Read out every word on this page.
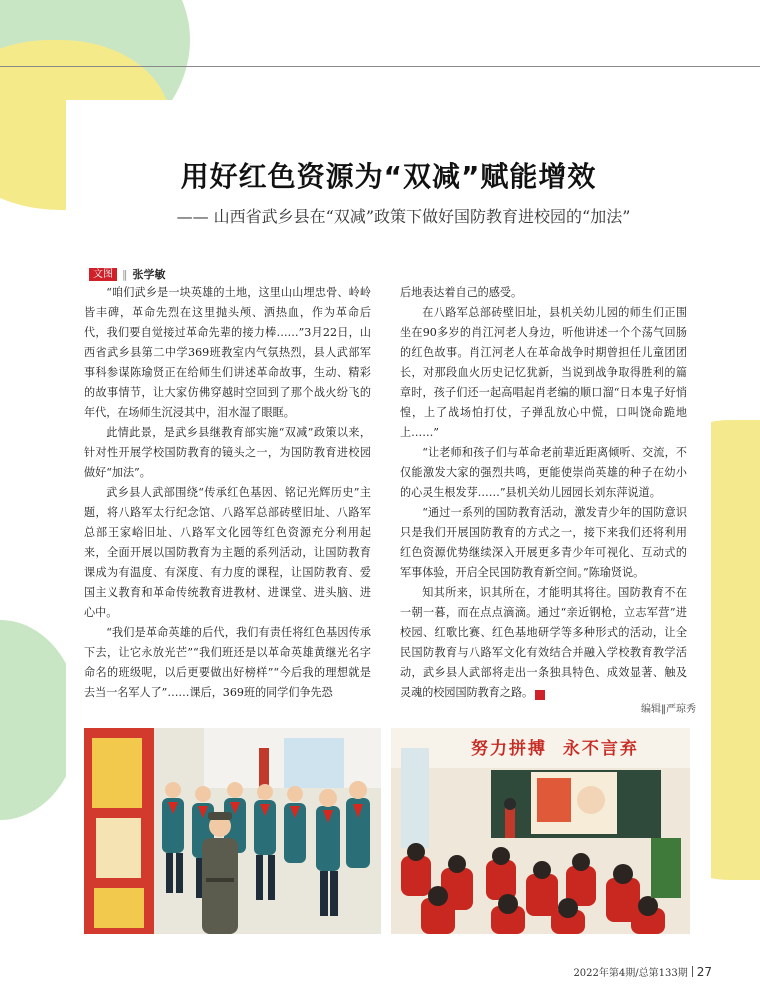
用好红色资源为“双减”赋能增效
—— 山西省武乡县在“双减”政策下做好国防教育进校园的“加法”
文图 ‖ 张学敏

“咱们武乡是一块英雄的土地，这里山山埋忠骨、岭岭皆丰碑，革命先烈在这里抛头颅、洒热血，作为革命后代，我们要自觉接过革命先辈的接力棒……”3月22日，山西省武乡县第二中学369班教室内气氛热烈，县人武部军事科参谋陈瑜贤正在给师生们讲述革命故事，生动、精彩的故事情节，让大家仿佛穿越时空回到了那个战火纷飞的年代，在场师生沉浸其中，泪水湿了眼眶。

此情此景，是武乡县继教育部实施“双减”政策以来，针对性开展学校国防教育的镜头之一，为国防教育进校园做好“加法”。

武乡县人武部围绕“传承红色基因、铭记光辉历史”主题，将八路军太行纪念馆、八路军总部砖壁旧址、八路军总部王家峪旧址、八路军文化园等红色资源充分利用起来，全面开展以国防教育为主题的系列活动，让国防教育课成为有温度、有深度、有力度的课程，让国防教育、爱国主义教育和革命传统教育进教材、进课堂、进头脑、进心中。

“我们是革命英雄的后代，我们有责任将红色基因传承下去，让它永放光芒”“我们班还是以革命英雄黄继光名字命名的班级呢，以后更要做出好榜样”“今后我的理想就是去当一名军人了”……课后，369班的同学们争先恐

后地表达着自己的感受。

在八路军总部砖壁旧址，县机关幼儿园的师生们正围坐在90多岁的肖江河老人身边，听他讲述一个个荡气回肠的红色故事。肖江河老人在革命战争时期曾担任儿童团团长，对那段血火历史记忆犹新，当说到战争取得胜利的篇章时，孩子们还一起高唱起肖老编的顺口溜“日本鬼子好悄惶，上了战场怕打仗，子弹乱放心中慌，口叫饶命跪地上……”

“让老师和孩子们与革命老前辈近距离倾听、交流，不仅能激发大家的强烈共鸣，更能使崇尚英雄的种子在幼小的心灵生根发芽……”县机关幼儿园园长刘东萍说道。

“通过一系列的国防教育活动，激发青少年的国防意识只是我们开展国防教育的方式之一，接下来我们还将利用红色资源优势继续深入开展更多青少年可视化、互动式的军事体验，开启全民国防教育新空间。”陈瑜贤说。

知其所来，识其所在，才能明其将往。国防教育不在一朝一暮，而在点点滴滴。通过“亲近钢枪，立志军营”进校园、红歌比赛、红色基地研学等多种形式的活动，让全民国防教育与八路军文化有效结合并融入学校教育教学活动，武乡县人武部将走出一条独具特色、成效显著、触及灵魂的校园国防教育之路。	G

编辑‖严琼秀
努力拼搏  永不言弃
2022年第4期/总第133期 27
